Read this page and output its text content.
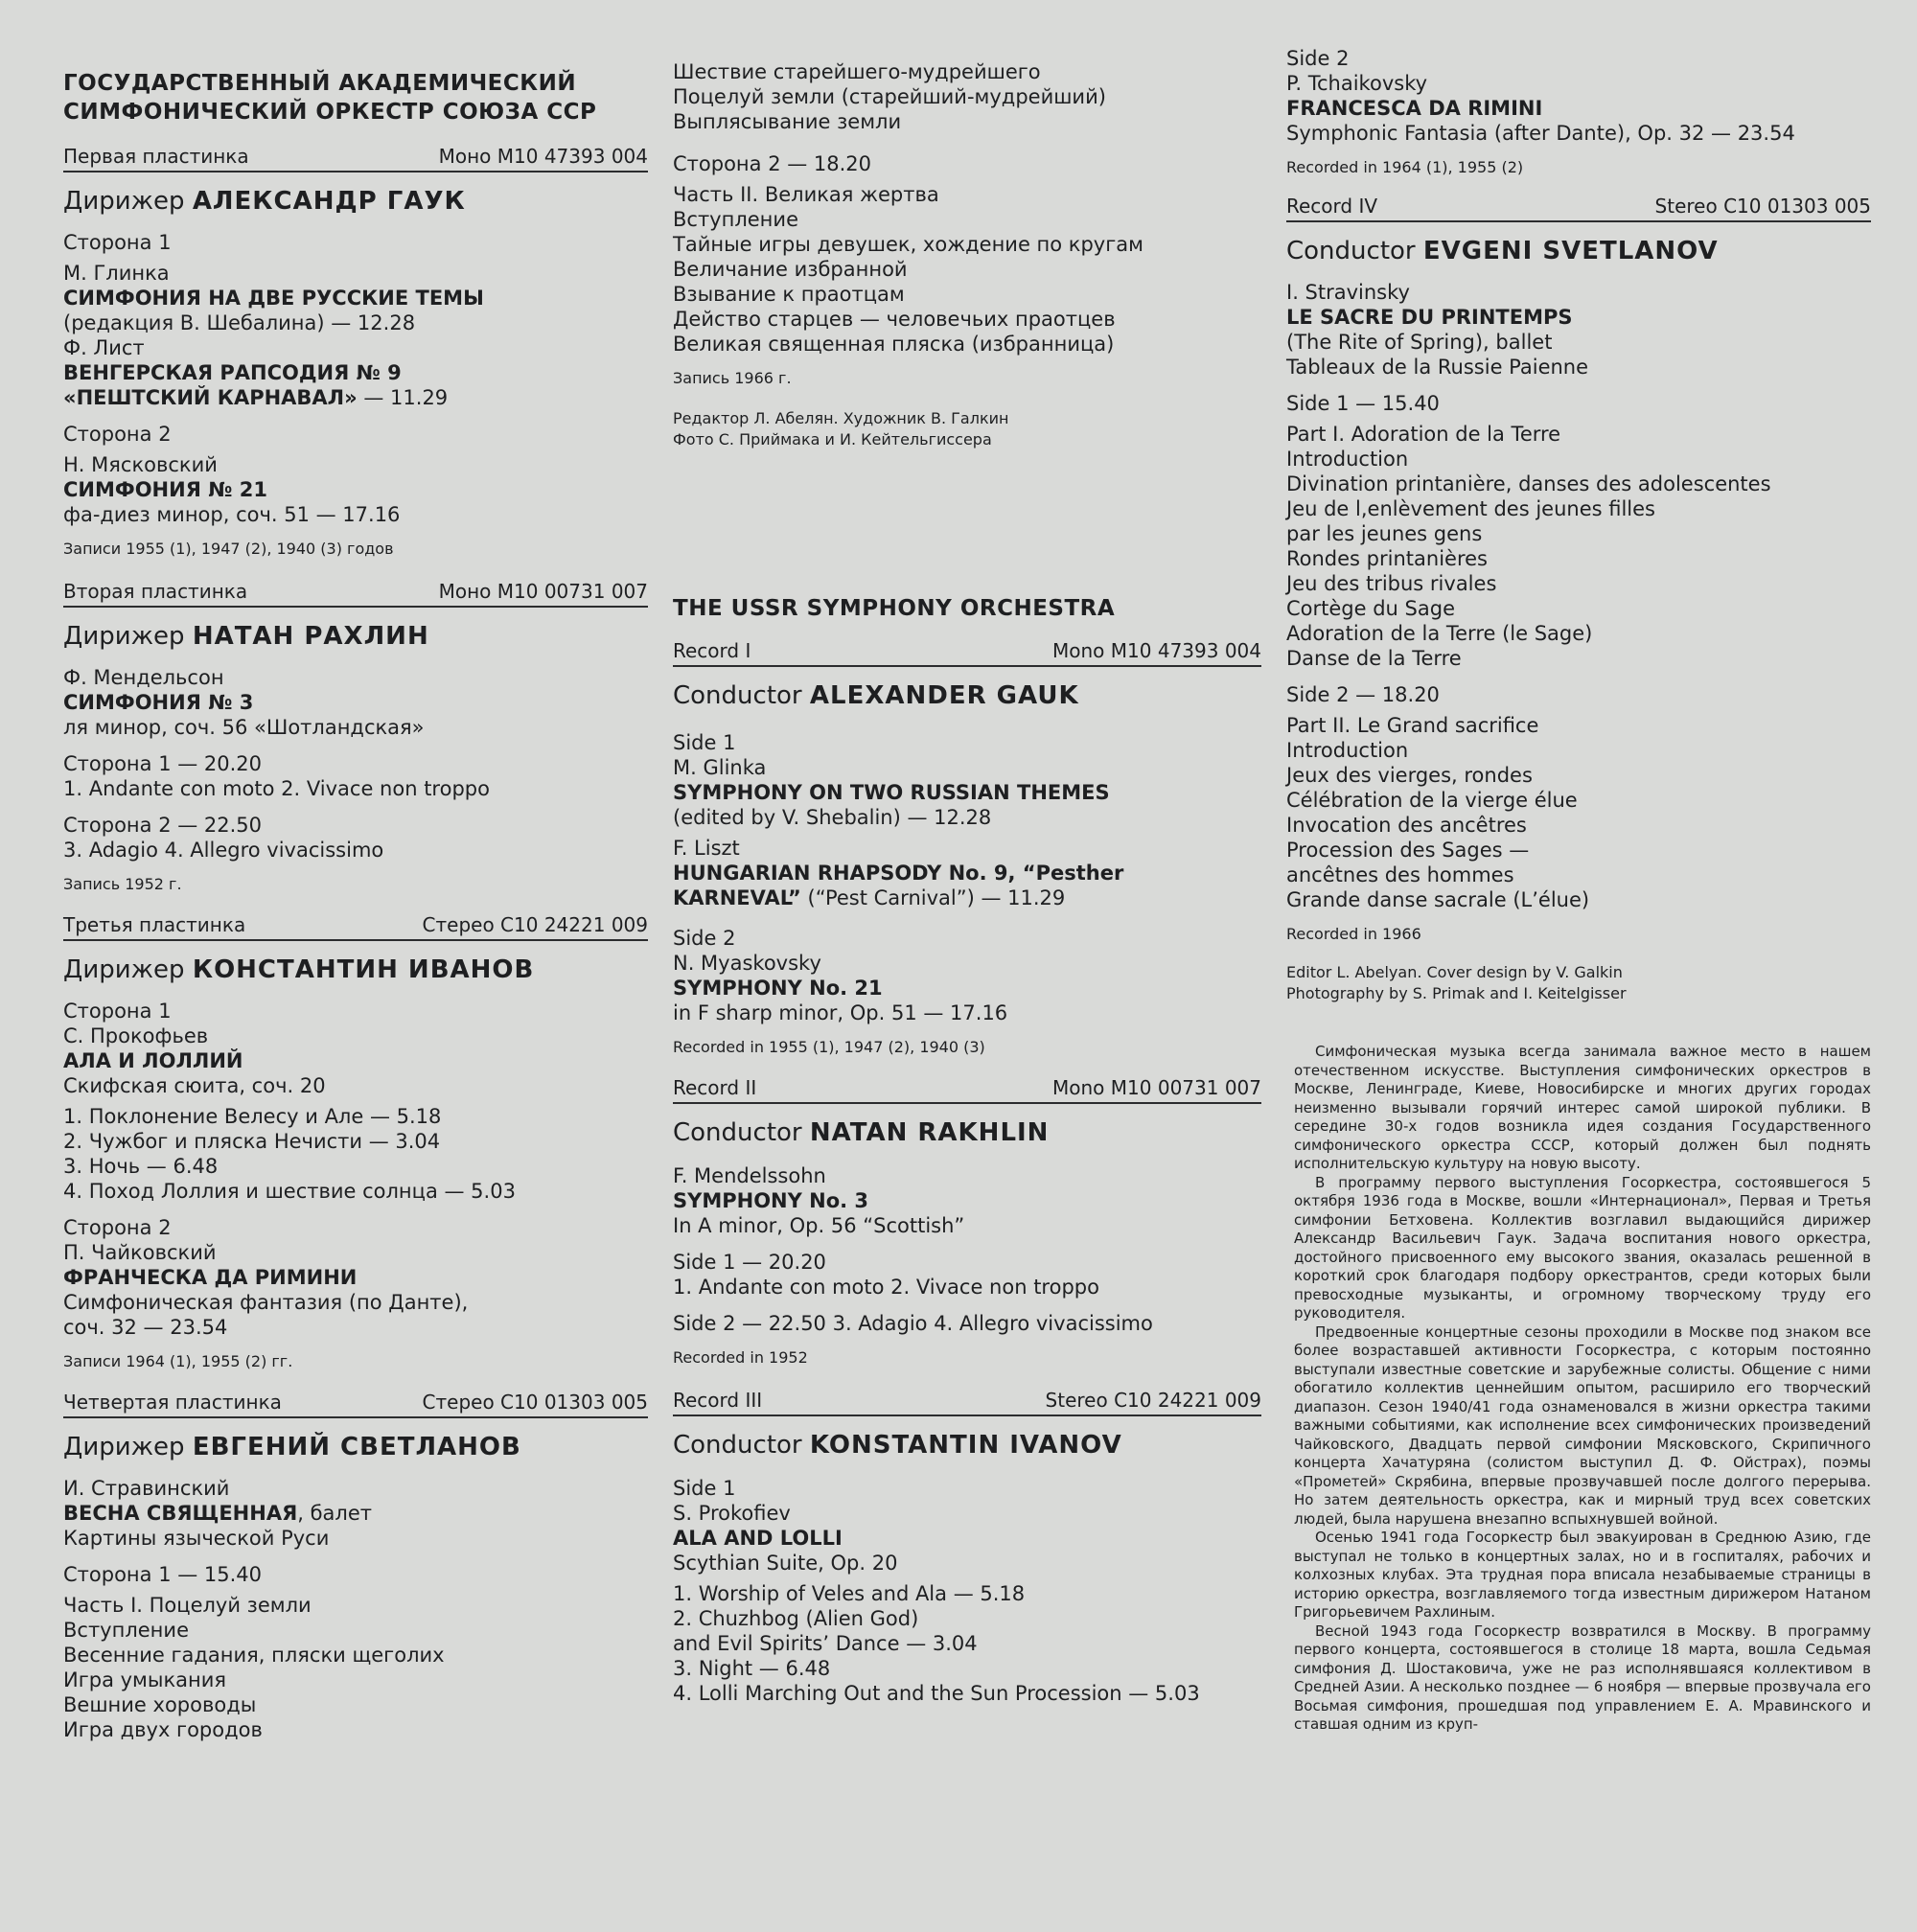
ГОСУДАРСТВЕННЫЙ АКАДЕМИЧЕСКИЙ

СИМФОНИЧЕСКИЙ ОРКЕСТР СОЮЗА ССР

Первая пластинка	Моно М10 47393 004

Дирижер АЛЕКСАНДР ГАУК

Сторона 1

М. Глинка

СИМФОНИЯ НА ДВЕ РУССКИЕ ТЕМЫ

(редакция В. Шебалина) — 12.28

Ф. Лист

ВЕНГЕРСКАЯ РАПСОДИЯ № 9

«ПЕШТСКИЙ КАРНАВАЛ» — 11.29

Сторона 2

Н. Мясковский

СИМФОНИЯ № 21

фа-диез минор, соч. 51 — 17.16

Записи 1955 (1), 1947 (2), 1940 (3) годов

Вторая пластинка	Моно М10 00731 007

Дирижер НАТАН РАХЛИН

Ф. Мендельсон

СИМФОНИЯ № 3

ля минор, соч. 56 «Шотландская»

Сторона 1 — 20.20

1. Andante con moto 2. Vivace non troppo

Сторона 2 — 22.50

3. Adagio 4. Allegro vivacissimo

Запись 1952 г.

Третья пластинка	Стерео С10 24221 009

Дирижер КОНСТАНТИН ИВАНОВ

Сторона 1

С. Прокофьев

АЛА И ЛОЛЛИЙ

Скифская сюита, соч. 20

1. Поклонение Велесу и Але — 5.18

2. Чужбог и пляска Нечисти — 3.04

3. Ночь — 6.48

4. Поход Лоллия и шествие солнца — 5.03

Сторона 2

П. Чайковский

ФРАНЧЕСКА ДА РИМИНИ

Симфоническая фантазия (по Данте),

соч. 32 — 23.54

Записи 1964 (1), 1955 (2) гг.

Четвертая пластинка	Стерео С10 01303 005

Дирижер ЕВГЕНИЙ СВЕТЛАНОВ

И. Стравинский

ВЕСНА СВЯЩЕННАЯ, балет

Картины языческой Руси

Сторона 1 — 15.40

Часть I. Поцелуй земли

Вступление

Весенние гадания, пляски щеголих

Игра умыкания

Вешние хороводы

Игра двух городов

Шествие старейшего-мудрейшего

Поцелуй земли (старейший-мудрейший)

Выплясывание земли

Сторона 2 — 18.20

Часть II. Великая жертва

Вступление

Тайные игры девушек, хождение по кругам

Величание избранной

Взывание к праотцам

Действо старцев — человечьих праотцев

Великая священная пляска (избранница)

Запись 1966 г.

Редактор Л. Абелян. Художник В. Галкин

Фото С. Приймака и И. Кейтельгиссера

THE USSR SYMPHONY ORCHESTRA

Record I	Mono M10 47393 004

Conductor ALEXANDER GAUK

Side 1

M. Glinka

SYMPHONY ON TWO RUSSIAN THEMES

(edited by V. Shebalin) — 12.28

F. Liszt

HUNGARIAN RHAPSODY No. 9, “Pesther

KARNEVAL” (“Pest Carnival”) — 11.29

Side 2

N. Myaskovsky

SYMPHONY No. 21

in F sharp minor, Op. 51 — 17.16

Recorded in 1955 (1), 1947 (2), 1940 (3)

Record II	Mono M10 00731 007

Conductor NATAN RAKHLIN

F. Mendelssohn

SYMPHONY No. 3

In A minor, Op. 56 “Scottish”

Side 1 — 20.20

1. Andante con moto 2. Vivace non troppo

Side 2 — 22.50 3. Adagio 4. Allegro vivacissimo

Recorded in 1952

Record III	Stereo C10 24221 009

Conductor KONSTANTIN IVANOV

Side 1

S. Prokofiev

ALA AND LOLLI

Scythian Suite, Op. 20

1. Worship of Veles and Ala — 5.18

2. Chuzhbog (Alien God)

and Evil Spirits’ Dance — 3.04

3. Night — 6.48

4. Lolli Marching Out and the Sun Procession — 5.03

Side 2

P. Tchaikovsky

FRANCESCA DA RIMINI

Symphonic Fantasia (after Dante), Op. 32 — 23.54

Recorded in 1964 (1), 1955 (2)

Record IV	Stereo C10 01303 005

Conductor EVGENI SVETLANOV

I. Stravinsky

LE SACRE DU PRINTEMPS

(The Rite of Spring), ballet

Tableaux de la Russie Paienne

Side 1 — 15.40

Part I. Adoration de la Terre

Introduction

Divination printanière, danses des adolescentes

Jeu de l,enlèvement des jeunes filles

par les jeunes gens

Rondes printanières

Jeu des tribus rivales

Cortège du Sage

Adoration de la Terre (le Sage)

Danse de la Terre

Side 2 — 18.20

Part II. Le Grand sacrifice

Introduction

Jeux des vierges, rondes

Célébration de la vierge élue

Invocation des ancêtres

Procession des Sages —

ancêtnes des hommes

Grande danse sacrale (L’élue)

Recorded in 1966

Editor L. Abelyan. Cover design by V. Galkin

Photography by S. Primak and I. Keitelgisser

Симфоническая музыка всегда занимала важное место в нашем отечественном искусстве. Выступления симфонических оркестров в Москве, Ленинграде, Киеве, Новосибирске и многих других городах неизменно вызывали горячий интерес самой широкой публики. В середине 30-х годов возникла идея создания Государственного симфонического оркестра СССР, который должен был поднять исполнительскую культуру на новую высоту.

В программу первого выступления Госоркестра, состоявшегося 5 октября 1936 года в Москве, вошли «Интернационал», Первая и Третья симфонии Бетховена. Коллектив возглавил выдающийся дирижер Александр Васильевич Гаук. Задача воспитания нового оркестра, достойного присвоенного ему высокого звания, оказалась решенной в короткий срок благодаря подбору оркестрантов, среди которых были превосходные музыканты, и огромному творческому труду его руководителя.

Предвоенные концертные сезоны проходили в Москве под знаком все более возраставшей активности Госоркестра, с которым постоянно выступали известные советские и зарубежные солисты. Общение с ними обогатило коллектив ценнейшим опытом, расширило его творческий диапазон. Сезон 1940/41 года ознаменовался в жизни оркестра такими важными событиями, как исполнение всех симфонических произведений Чайковского, Двадцать первой симфонии Мясковского, Скрипичного концерта Хачатуряна (солистом выступил Д. Ф. Ойстрах), поэмы «Прометей» Скрябина, впервые прозвучавшей после долгого перерыва. Но затем деятельность оркестра, как и мирный труд всех советских людей, была нарушена внезапно вспыхнувшей войной.

Осенью 1941 года Госоркестр был эвакуирован в Среднюю Азию, где выступал не только в концертных залах, но и в госпиталях, рабочих и колхозных клубах. Эта трудная пора вписала незабываемые страницы в историю оркестра, возглавляемого тогда известным дирижером Натаном Григорьевичем Рахлиным.

Весной 1943 года Госоркестр возвратился в Москву. В программу первого концерта, состоявшегося в столице 18 марта, вошла Седьмая симфония Д. Шостаковича, уже не раз исполнявшаяся коллективом в Средней Азии. А несколько позднее — 6 ноября — впервые прозвучала его Восьмая симфония, прошедшая под управлением Е. А. Мравинского и ставшая одним из круп-
